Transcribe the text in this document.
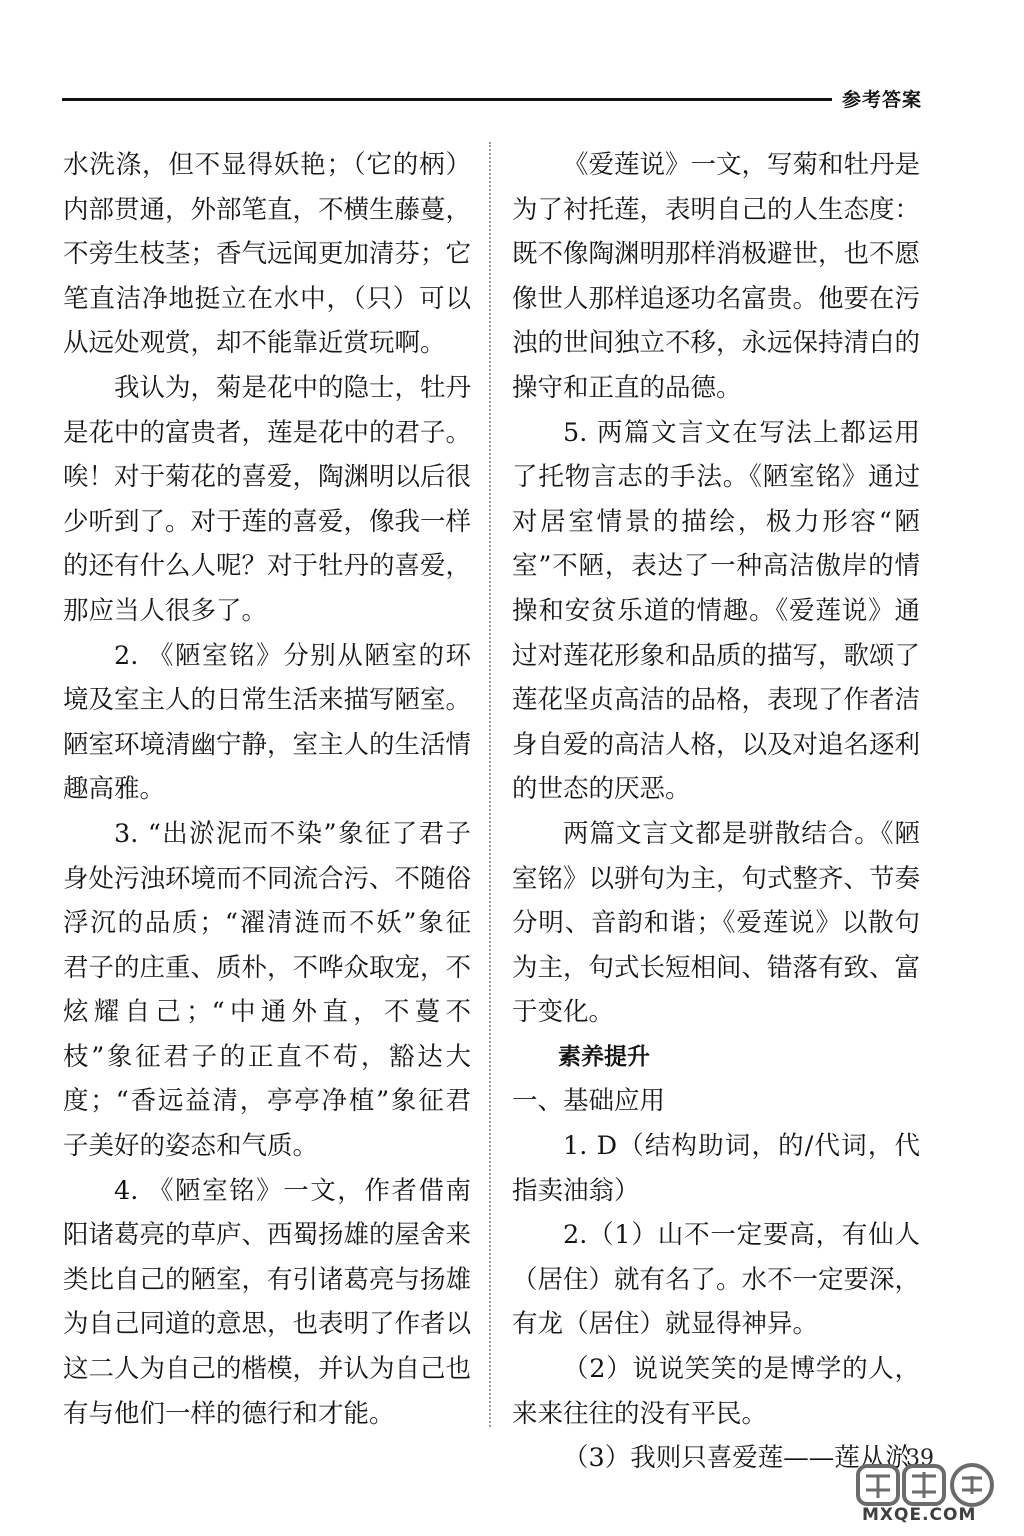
参考答案

水洗涤，但不显得妖艳；（它的柄）内部贯通，外部笔直，不横生藤蔓，不旁生枝茎；香气远闻更加清芬；它笔直洁净地挺立在水中，（只）可以从远处观赏，却不能靠近赏玩啊。

我认为，菊是花中的隐士，牡丹是花中的富贵者，莲是花中的君子。唉！对于菊花的喜爱，陶渊明以后很少听到了。对于莲的喜爱，像我一样的还有什么人呢？对于牡丹的喜爱，那应当人很多了。

2. 《陋室铭》分别从陋室的环境及室主人的日常生活来描写陋室。陋室环境清幽宁静，室主人的生活情趣高雅。

3. “出淤泥而不染”象征了君子身处污浊环境而不同流合污、不随俗浮沉的品质；“濯清涟而不妖”象征君子的庄重、质朴，不哗众取宠，不炫耀自己；“中通外直，不蔓不枝”象征君子的正直不苟，豁达大度；“香远益清，亭亭净植”象征君子美好的姿态和气质。

4. 《陋室铭》一文，作者借南阳诸葛亮的草庐、西蜀扬雄的屋舍来类比自己的陋室，有引诸葛亮与扬雄为自己同道的意思，也表明了作者以这二人为自己的楷模，并认为自己也有与他们一样的德行和才能。

《爱莲说》一文，写菊和牡丹是为了衬托莲，表明自己的人生态度：既不像陶渊明那样消极避世，也不愿像世人那样追逐功名富贵。他要在污浊的世间独立不移，永远保持清白的操守和正直的品德。

5. 两篇文言文在写法上都运用了托物言志的手法。《陋室铭》通过对居室情景的描绘，极力形容“陋室”不陋，表达了一种高洁傲岸的情操和安贫乐道的情趣。《爱莲说》通过对莲花形象和品质的描写，歌颂了莲花坚贞高洁的品格，表现了作者洁身自爱的高洁人格，以及对追名逐利的世态的厌恶。

两篇文言文都是骈散结合。《陋室铭》以骈句为主，句式整齐、节奏分明、音韵和谐；《爱莲说》以散句为主，句式长短相间、错落有致、富于变化。

素养提升

一、基础应用

1. D（结构助词，的/代词，代指卖油翁）

2.（1）山不一定要高，有仙人（居住）就有名了。水不一定要深，有龙（居住）就显得神异。

（2）说说笑笑的是博学的人，来来往往的没有平民。

（3）我则只喜爱莲——莲从淤

39
MXQE.COM
